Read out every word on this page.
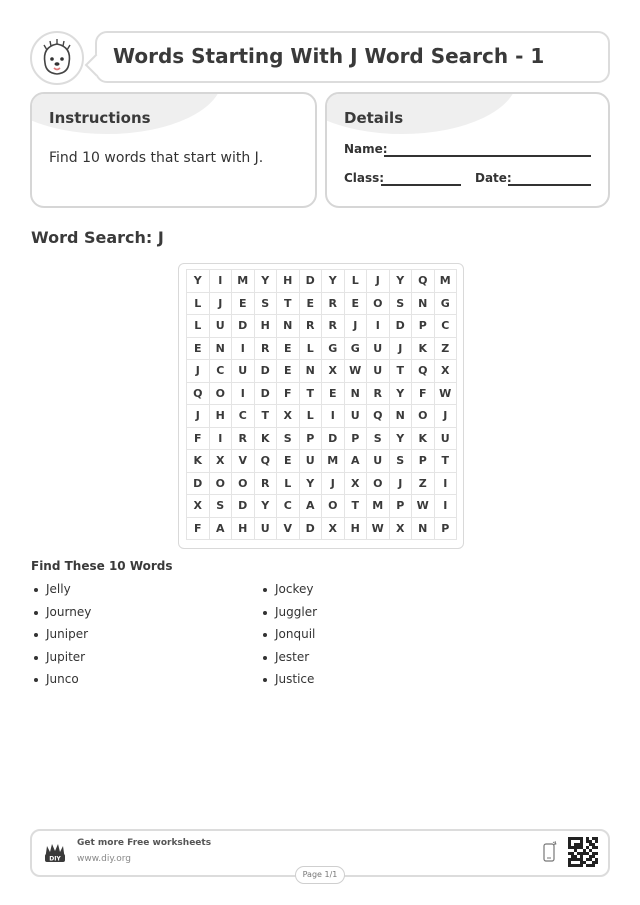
Words Starting With J Word Search - 1
Instructions
Find 10 words that start with J.
Details
Name:
Class:	Date:
Word Search: J
Y	I	M	Y	H	D	Y	L	J	Y	Q	M
L	J	E	S	T	E	R	E	O	S	N	G
L	U	D	H	N	R	R	J	I	D	P	C
E	N	I	R	E	L	G	G	U	J	K	Z
J	C	U	D	E	N	X	W	U	T	Q	X
Q	O	I	D	F	T	E	N	R	Y	F	W
J	H	C	T	X	L	I	U	Q	N	O	J
F	I	R	K	S	P	D	P	S	Y	K	U
K	X	V	Q	E	U	M	A	U	S	P	T
D	O	O	R	L	Y	J	X	O	J	Z	I
X	S	D	Y	C	A	O	T	M	P	W	I
F	A	H	U	V	D	X	H	W	X	N	P
Find These 10 Words
Jelly
Journey
Juniper
Jupiter
Junco
Jockey
Juggler
Jonquil
Jester
Justice
DIY
Get more Free worksheets
www.diy.org
Page 1/1
